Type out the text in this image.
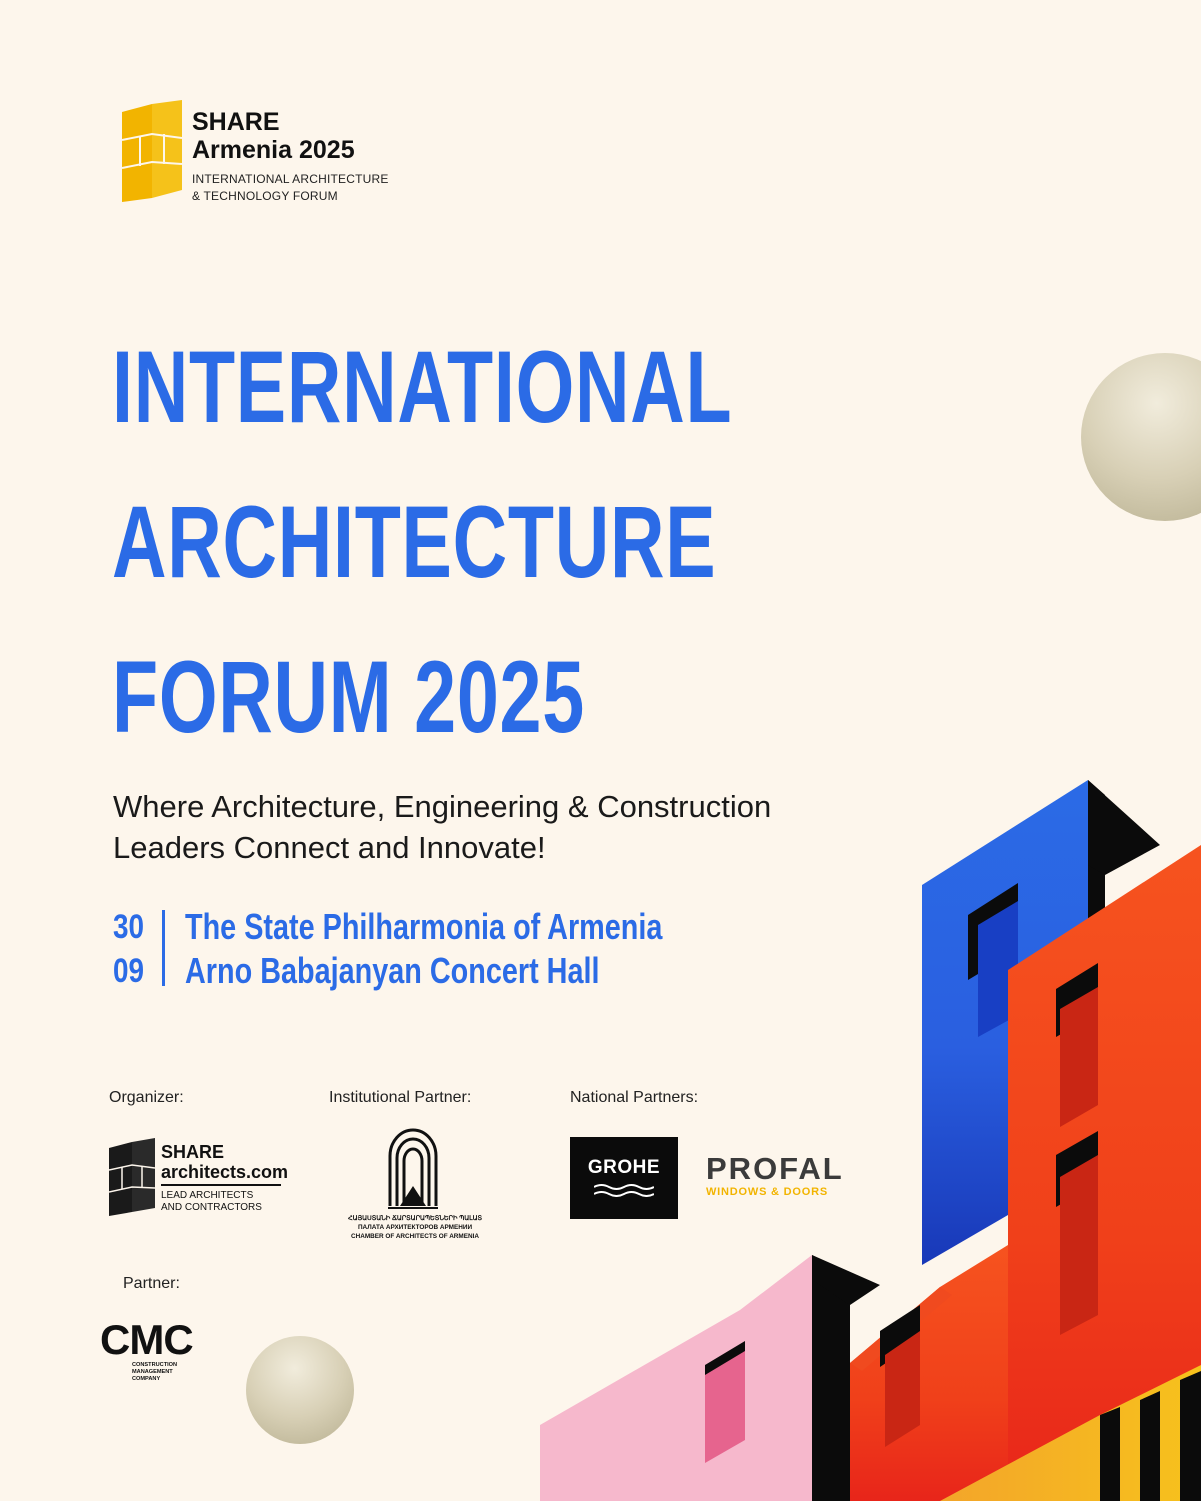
SHARE
Armenia 2025
INTERNATIONAL ARCHITECTURE
& TECHNOLOGY FORUM
INTERNATIONAL
ARCHITECTURE
FORUM 2025
Where Architecture, Engineering & Construction
Leaders Connect and Innovate!
30
09
The State Philharmonia of Armenia
Arno Babajanyan Concert Hall
Organizer:	Institutional Partner:	National Partners:
Partner:
SHARE
architects.com
LEAD ARCHITECTS
AND CONTRACTORS
ՀԱՅԱՍՏԱՆԻ ՃԱՐՏԱՐԱՊԵՏՆԵՐԻ ՊԱԼԱՏ
ПАЛАТА АРХИТЕКТОРОВ АРМЕНИИ
CHAMBER OF ARCHITECTS OF ARMENIA
GROHE	PROFAL
WINDOWS & DOORS
CMC
CONSTRUCTION
MANAGEMENT
COMPANY
